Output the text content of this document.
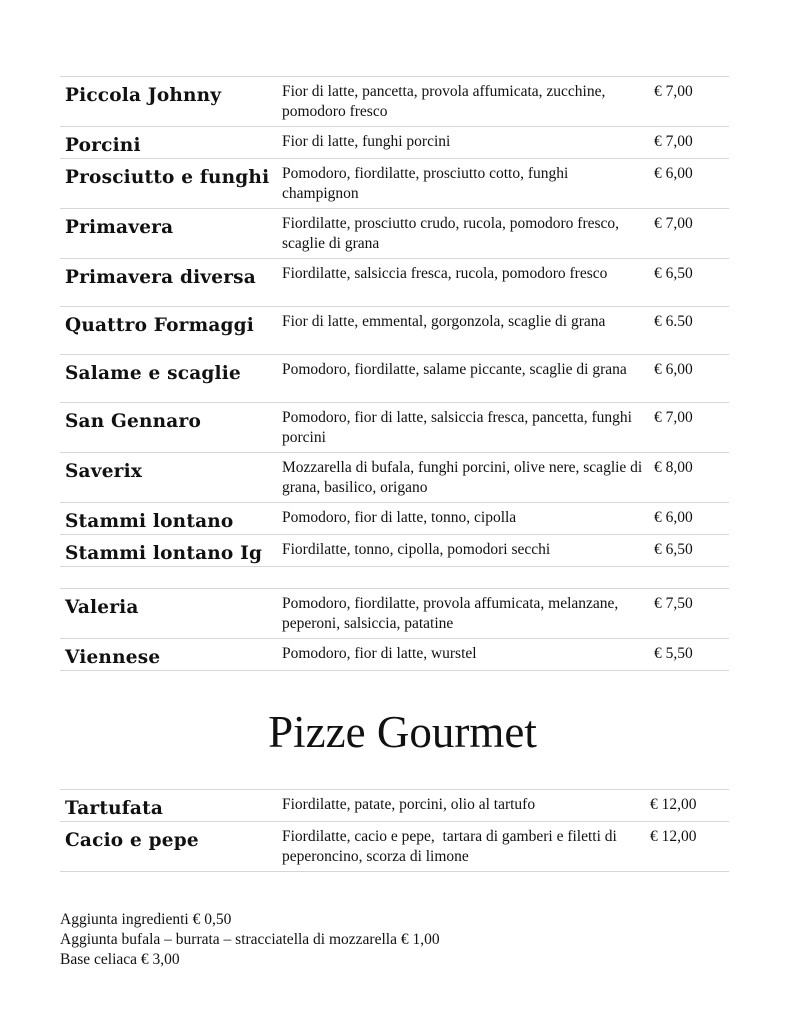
Piccola Johnny	Fior di latte, pancetta, provola affumicata, zucchine, pomodoro fresco	€ 7,00

Porcini	Fior di latte, funghi porcini	€ 7,00

Prosciutto e funghi	Pomodoro, fiordilatte, prosciutto cotto, funghi champignon	€ 6,00

Primavera	Fiordilatte, prosciutto crudo, rucola, pomodoro fresco, scaglie di grana	€ 7,00

Primavera diversa	Fiordilatte, salsiccia fresca, rucola, pomodoro fresco	€ 6,50

Quattro Formaggi	Fior di latte, emmental, gorgonzola, scaglie di grana	€ 6.50

Salame e scaglie	Pomodoro, fiordilatte, salame piccante, scaglie di grana	€ 6,00

San Gennaro	Pomodoro, fior di latte, salsiccia fresca, pancetta, funghi porcini	€ 7,00

Saverix	Mozzarella di bufala, funghi porcini, olive nere, scaglie di grana, basilico, origano	€ 8,00

Stammi lontano	Pomodoro, fior di latte, tonno, cipolla	€ 6,00

Stammi lontano Ig	Fiordilatte, tonno, cipolla, pomodori secchi	€ 6,50
Valeria	Pomodoro, fiordilatte, provola affumicata, melanzane, peperoni, salsiccia, patatine	€ 7,50

Viennese	Pomodoro, fior di latte, wurstel	€ 5,50
Pizze Gourmet
Tartufata	Fiordilatte, patate, porcini, olio al tartufo	€ 12,00

Cacio e pepe	Fiordilatte, cacio e pepe,  tartara di gamberi e filetti di peperoncino, scorza di limone	€ 12,00
Aggiunta ingredienti € 0,50
Aggiunta bufala – burrata – stracciatella di mozzarella € 1,00
Base celiaca € 3,00
